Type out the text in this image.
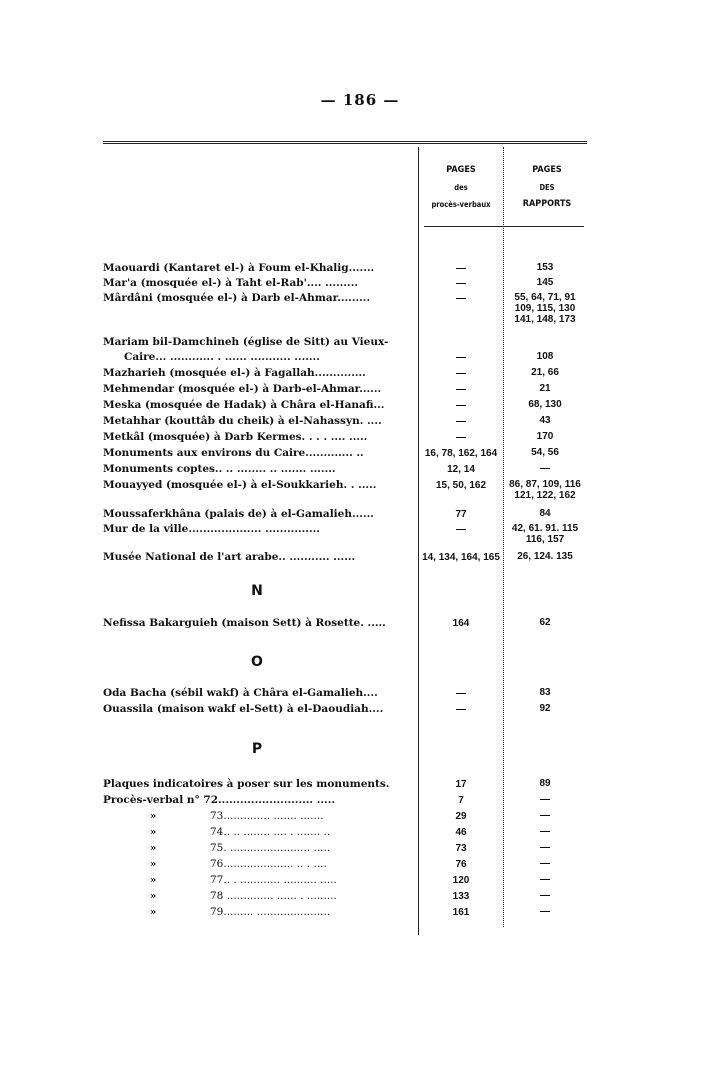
— 186 —
PAGES
des
procès-verbaux
PAGES
DES
RAPPORTS
Maouardi (Kantaret el-) à Foum el-Khalig.......	—	153
Mar'a (mosquée el-) à Taht el-Rab'.... .........	—	145
Mârdâni (mosquée el-) à Darb el-Ahmar.........	—	55, 64, 71, 91
109, 115, 130
141, 148, 173
Mariam bil-Damchineh (église de Sitt) au Vieux-
Caire... ............ . ...... ........... .......	—	108
Mazharieh (mosquée el-) à Fagallah..............	—	21, 66
Mehmendar (mosquée el-) à Darb-el-Ahmar......	—	21
Meska (mosquée de Hadak) à Châra el-Hanafi...	—	68, 130
Metahhar (kouttâb du cheik) à el-Nahassyn. ....	—	43
Metkâl (mosquée) à Darb Kermes. . . . .... .....	—	170
Monuments aux environs du Caire............. ..	16, 78, 162, 164	54, 56
Monuments coptes.. .. ........ .. ....... .......	12, 14	—
Mouayyed (mosquée el-) à el-Soukkarieh. . .....	15, 50, 162	86, 87, 109, 116
121, 122, 162
Moussaferkhâna (palais de) à el-Gamalieh......	77	84
Mur de la ville.................... ...............	—	42, 61. 91. 115
116, 157
Musée National de l'art arabe.. ........... ......	14, 134, 164, 165	26, 124. 135
N
Nefissa Bakarguieh (maison Sett) à Rosette. .....	164	62
O
Oda Bacha (sébil wakf) à Châra el-Gamalieh....	—	83
Ouassila (maison wakf el-Sett) à el-Daoudiah....	—	92
P
Plaques indicatoires à poser sur les monuments.	17	89
Procès-verbal n° 72.......................... .....	7	—
»	73.............. ....... .......	29	—
»	74.. .. ........ .... . ....... ..	46	—
»	75. ........................ .....	73	—
»	76..................... .. . ....	76	—
»	77.. . ............ .......... .....	120	—
»	78 .............. ...... . .........	133	—
»	79......... ......................	161	—
